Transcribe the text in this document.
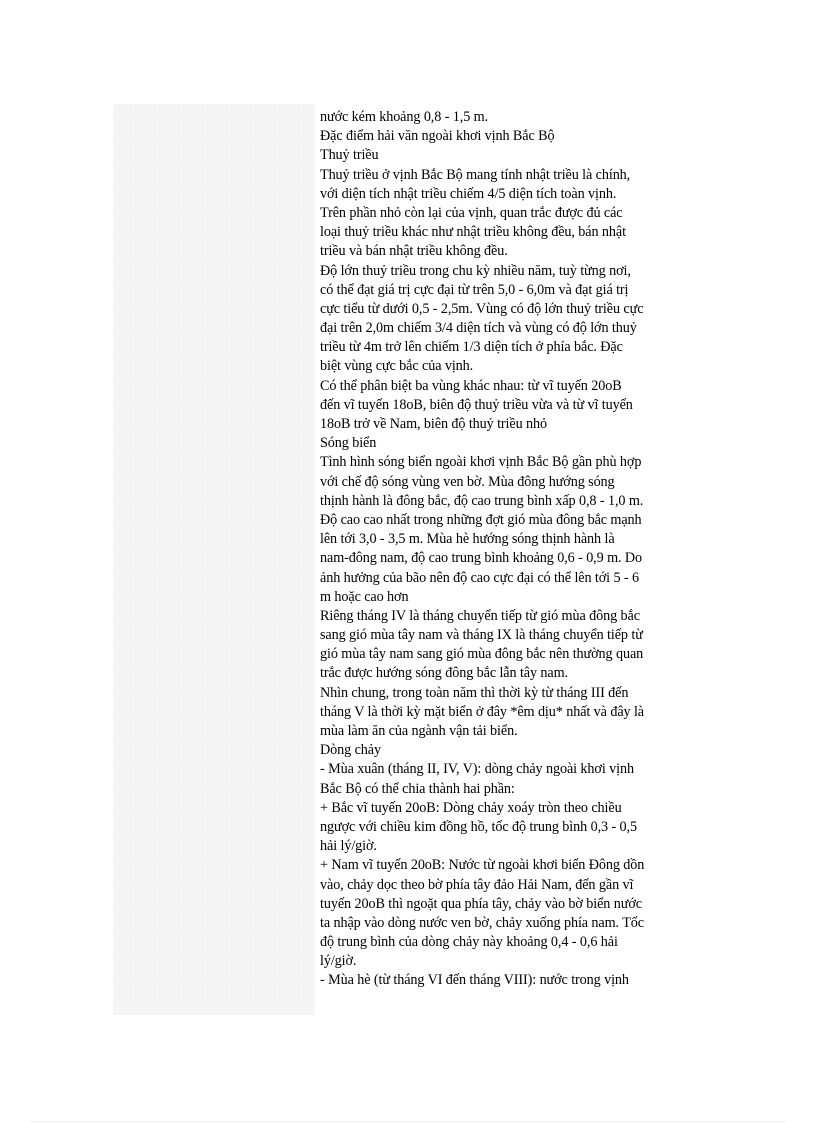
nước kém khoảng 0,8 - 1,5 m.
Đặc điểm hải văn ngoài khơi vịnh Bắc Bộ
Thuỷ triều
Thuỷ triều ở vịnh Bắc Bộ mang tính nhật triều là chính,
với diện tích nhật triều chiếm 4/5 diện tích toàn vịnh.
Trên phần nhỏ còn lại của vịnh, quan trắc được đủ các
loại thuỷ triều khác như nhật triều không đều, bán nhật
triều và bán nhật triều không đều.
Độ lớn thuỷ triều trong chu kỳ nhiều năm, tuỳ từng nơi,
có thể đạt giá trị cực đại từ trên 5,0 - 6,0m và đạt giá trị
cực tiểu từ dưới 0,5 - 2,5m. Vùng có độ lớn thuỷ triều cực
đại trên 2,0m chiếm 3/4 diện tích và vùng có độ lớn thuỷ
triều từ 4m trở lên chiếm 1/3 diện tích ở phía bắc. Đặc
biệt vùng cực bắc của vịnh.
Có thể phân biệt ba vùng khác nhau: từ vĩ tuyến 20oB
đến vĩ tuyến 18oB, biên độ thuỷ triều vừa và từ vĩ tuyến
18oB trở về Nam, biên độ thuỷ triều nhỏ
Sóng biển
Tình hình sóng biển ngoài khơi vịnh Bắc Bộ gần phù hợp
với chế độ sóng vùng ven bờ. Mùa đông hướng sóng
thịnh hành là đông bắc, độ cao trung bình xấp 0,8 - 1,0 m.
Độ cao cao nhất trong những đợt gió mùa đông bắc mạnh
lên tới 3,0 - 3,5 m. Mùa hè hướng sóng thịnh hành là
nam-đông nam, độ cao trung bình khoảng 0,6 - 0,9 m. Do
ảnh hưởng của bão nên độ cao cực đại có thể lên tới 5 - 6
m hoặc cao hơn
Riêng tháng IV là tháng chuyển tiếp từ gió mùa đông bắc
sang gió mùa tây nam và tháng IX là tháng chuyển tiếp từ
gió mùa tây nam sang gió mùa đông bắc nên thường quan
trắc được hướng sóng đông bắc lẫn tây nam.
Nhìn chung, trong toàn năm thì thời kỳ từ tháng III đến
tháng V là thời kỳ mặt biển ở đây *êm dịu* nhất và đây là
mùa làm ăn của ngành vận tải biển.
Dòng chảy
- Mùa xuân (tháng II, IV, V): dòng chảy ngoài khơi vịnh
Bắc Bộ có thể chia thành hai phần:
+ Bắc vĩ tuyến 20oB: Dòng chảy xoáy tròn theo chiều
ngược với chiều kim đồng hồ, tốc độ trung bình 0,3 - 0,5
hải lý/giờ.
+ Nam vĩ tuyến 20oB: Nước từ ngoài khơi biển Đông dồn
vào, chảy dọc theo bờ phía tây đảo Hải Nam, đến gần vĩ
tuyến 20oB thì ngoặt qua phía tây, chảy vào bờ biển nước
ta nhập vào dòng nước ven bờ, chảy xuống phía nam. Tốc
độ trung bình của dòng chảy này khoảng 0,4 - 0,6 hải
lý/giờ.
- Mùa hè (từ tháng VI đến tháng VIII): nước trong vịnh
